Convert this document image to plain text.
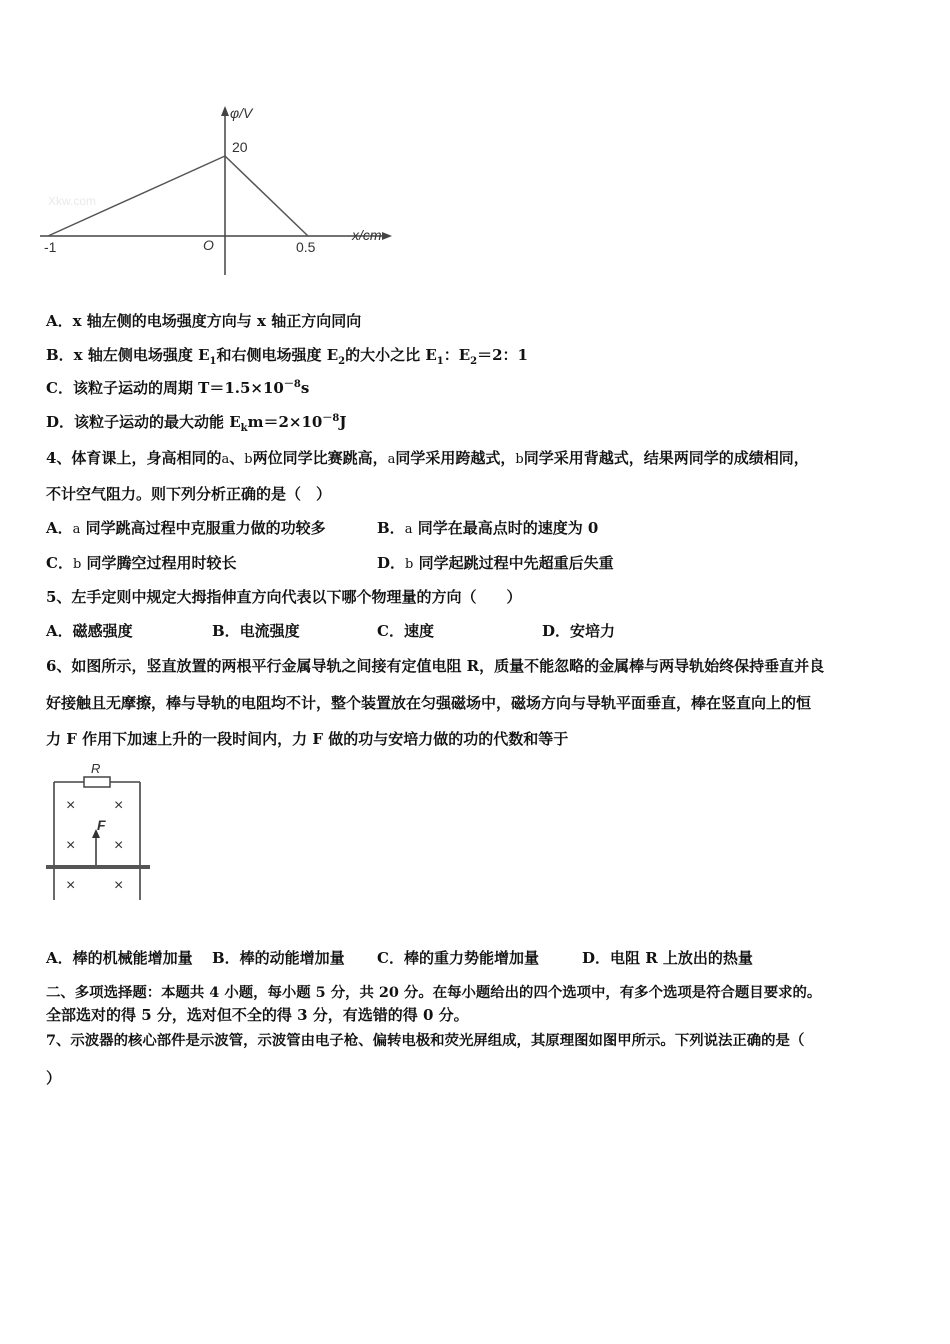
φ/V
x/cm
20
-1	O	0.5
Xkw.com
A．x 轴左侧的电场强度方向与 x 轴正方向同向
B．x 轴左侧电场强度 $E_1$和右侧电场强度 $E_2$的大小之比 $E_1$：$E_2=2$：1
C．该粒子运动的周期 $T=1.5\times 10^{-8}s$
D．该粒子运动的最大动能 $E_km=2\times 10^{-8}J$
4、体育课上，身高相同的a、b两位同学比赛跳高，a同学采用跨越式，b同学采用背越式，结果两同学的成绩相同，
不计空气阻力。则下列分析正确的是（　）
A．a 同学跳高过程中克服重力做的功较多	B．a 同学在最高点时的速度为 0
C．b 同学腾空过程用时较长	D．b 同学起跳过程中先超重后失重
5、左手定则中规定大拇指伸直方向代表以下哪个物理量的方向（　　）
A．磁感强度	B．电流强度	C．速度	D．安培力
6、如图所示，竖直放置的两根平行金属导轨之间接有定值电阻 R，质量不能忽略的金属棒与两导轨始终保持垂直并良
好接触且无摩擦，棒与导轨的电阻均不计，整个装置放在匀强磁场中，磁场方向与导轨平面垂直，棒在竖直向上的恒
力 F 作用下加速上升的一段时间内，力 F 做的功与安培力做的功的代数和等于
R
× ×
× ×
× ×
F
A．棒的机械能增加量 B．棒的动能增加量 C．棒的重力势能增加量	D．电阻 R 上放出的热量
二、多项选择题：本题共 4 小题，每小题 5 分，共 20 分。在每小题给出的四个选项中，有多个选项是符合题目要求的。
全部选对的得 5 分，选对但不全的得 3 分，有选错的得 0 分。
7、示波器的核心部件是示波管，示波管由电子枪、偏转电极和荧光屏组成，其原理图如图甲所示。下列说法正确的是（
）
